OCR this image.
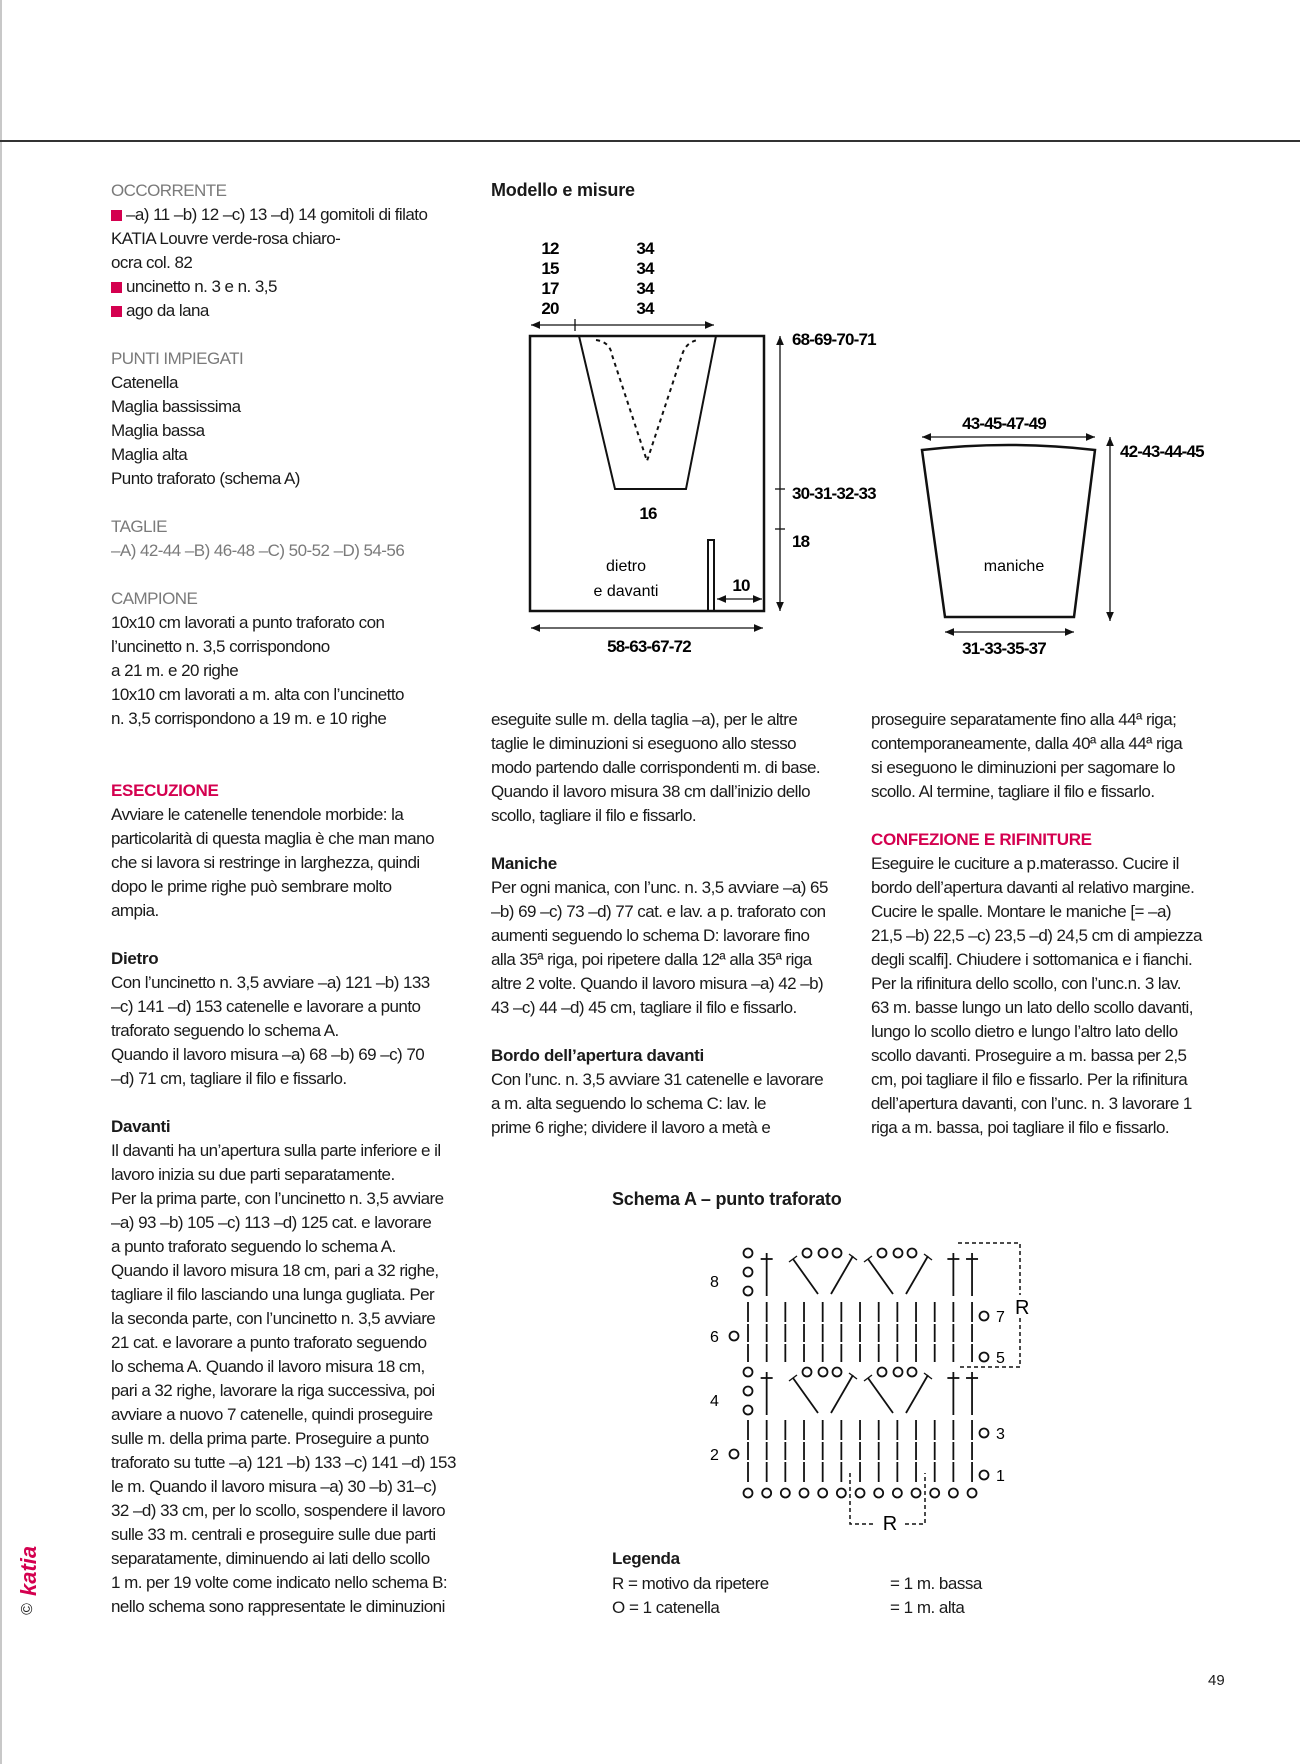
OCCORRENTE
–a) 11 –b) 12 –c) 13 –d) 14 gomitoli di filato
KATIA Louvre verde-rosa chiaro-
ocra col. 82
uncinetto n. 3 e n. 3,5
ago da lana
PUNTI IMPIEGATI
Catenella
Maglia bassissima
Maglia bassa
Maglia alta
Punto traforato (schema A)
TAGLIE
–A) 42-44 –B) 46-48 –C) 50-52 –D) 54-56
CAMPIONE
10x10 cm lavorati a punto traforato con
l’uncinetto n. 3,5 corrispondono
a 21 m. e 20 righe
10x10 cm lavorati a m. alta con l’uncinetto
n. 3,5 corrispondono a 19 m. e 10 righe
ESECUZIONE
Avviare le catenelle tenendole morbide: la
particolarità di questa maglia è che man mano
che si lavora si restringe in larghezza, quindi
dopo le prime righe può sembrare molto
ampia.
Dietro
Con l’uncinetto n. 3,5 avviare –a) 121 –b) 133
–c) 141 –d) 153 catenelle e lavorare a punto
traforato seguendo lo schema A.
Quando il lavoro misura –a) 68 –b) 69 –c) 70
–d) 71 cm, tagliare il filo e fissarlo.
Davanti
Il davanti ha un’apertura sulla parte inferiore e il
lavoro inizia su due parti separatamente.
Per la prima parte, con l’uncinetto n. 3,5 avviare
–a) 93 –b) 105 –c) 113 –d) 125 cat. e lavorare
a punto traforato seguendo lo schema A.
Quando il lavoro misura 18 cm, pari a 32 righe,
tagliare il filo lasciando una lunga gugliata. Per
la seconda parte, con l’uncinetto n. 3,5 avviare
21 cat. e lavorare a punto traforato seguendo
lo schema A. Quando il lavoro misura 18 cm,
pari a 32 righe, lavorare la riga successiva, poi
avviare a nuovo 7 catenelle, quindi proseguire
sulle m. della prima parte. Proseguire a punto
traforato su tutte –a) 121 –b) 133 –c) 141 –d) 153
le m. Quando il lavoro misura –a) 30 –b) 31–c)
32 –d) 33 cm, per lo scollo, sospendere il lavoro
sulle 33 m. centrali e proseguire sulle due parti
separatamente, diminuendo ai lati dello scollo
1 m. per 19 volte come indicato nello schema B:
nello schema sono rappresentate le diminuzioni
eseguite sulle m. della taglia –a), per le altre
taglie le diminuzioni si eseguono allo stesso
modo partendo dalle corrispondenti m. di base.
Quando il lavoro misura 38 cm dall’inizio dello
scollo, tagliare il filo e fissarlo.
Maniche
Per ogni manica, con l’unc. n. 3,5 avviare –a) 65
–b) 69 –c) 73 –d) 77 cat. e lav. a p. traforato con
aumenti seguendo lo schema D: lavorare fino
alla 35ª riga, poi ripetere dalla 12ª alla 35ª riga
altre 2 volte. Quando il lavoro misura –a) 42 –b)
43 –c) 44 –d) 45 cm, tagliare il filo e fissarlo.
Bordo dell’apertura davanti
Con l’unc. n. 3,5 avviare 31 catenelle e lavorare
a m. alta seguendo lo schema C: lav. le
prime 6 righe; dividere il lavoro a metà e
proseguire separatamente fino alla 44ª riga;
contemporaneamente, dalla 40ª alla 44ª riga
si eseguono le diminuzioni per sagomare lo
scollo. Al termine, tagliare il filo e fissarlo.
CONFEZIONE E RIFINITURE
Eseguire le cuciture a p.materasso. Cucire il
bordo dell’apertura davanti al relativo margine.
Cucire le spalle. Montare le maniche [= –a)
21,5 –b) 22,5 –c) 23,5 –d) 24,5 cm di ampiezza
degli scalfi]. Chiudere i sottomanica e i fianchi.
Per la rifinitura dello scollo, con l’unc.n. 3 lav.
63 m. basse lungo un lato dello scollo davanti,
lungo lo scollo dietro e lungo l’altro lato dello
scollo davanti. Proseguire a m. bassa per 2,5
cm, poi tagliare il filo e fissarlo. Per la rifinitura
dell’apertura davanti, con l’unc. n. 3 lavorare 1
riga a m. bassa, poi tagliare il filo e fissarlo.
Modello e misure
12
15
17
20
34
34
34
34
16
dietro
e davanti	10
58-63-67-72
68-69-70-71
30-31-32-33
18
43-45-47-49
42-43-44-45
maniche
31-33-35-37
Schema A – punto traforato
1
2
3
4
5
6
7
8
R
R
Legenda
R = motivo da ripetere
O = 1 catenella
= 1 m. bassa
= 1 m. alta
katia
©
49
